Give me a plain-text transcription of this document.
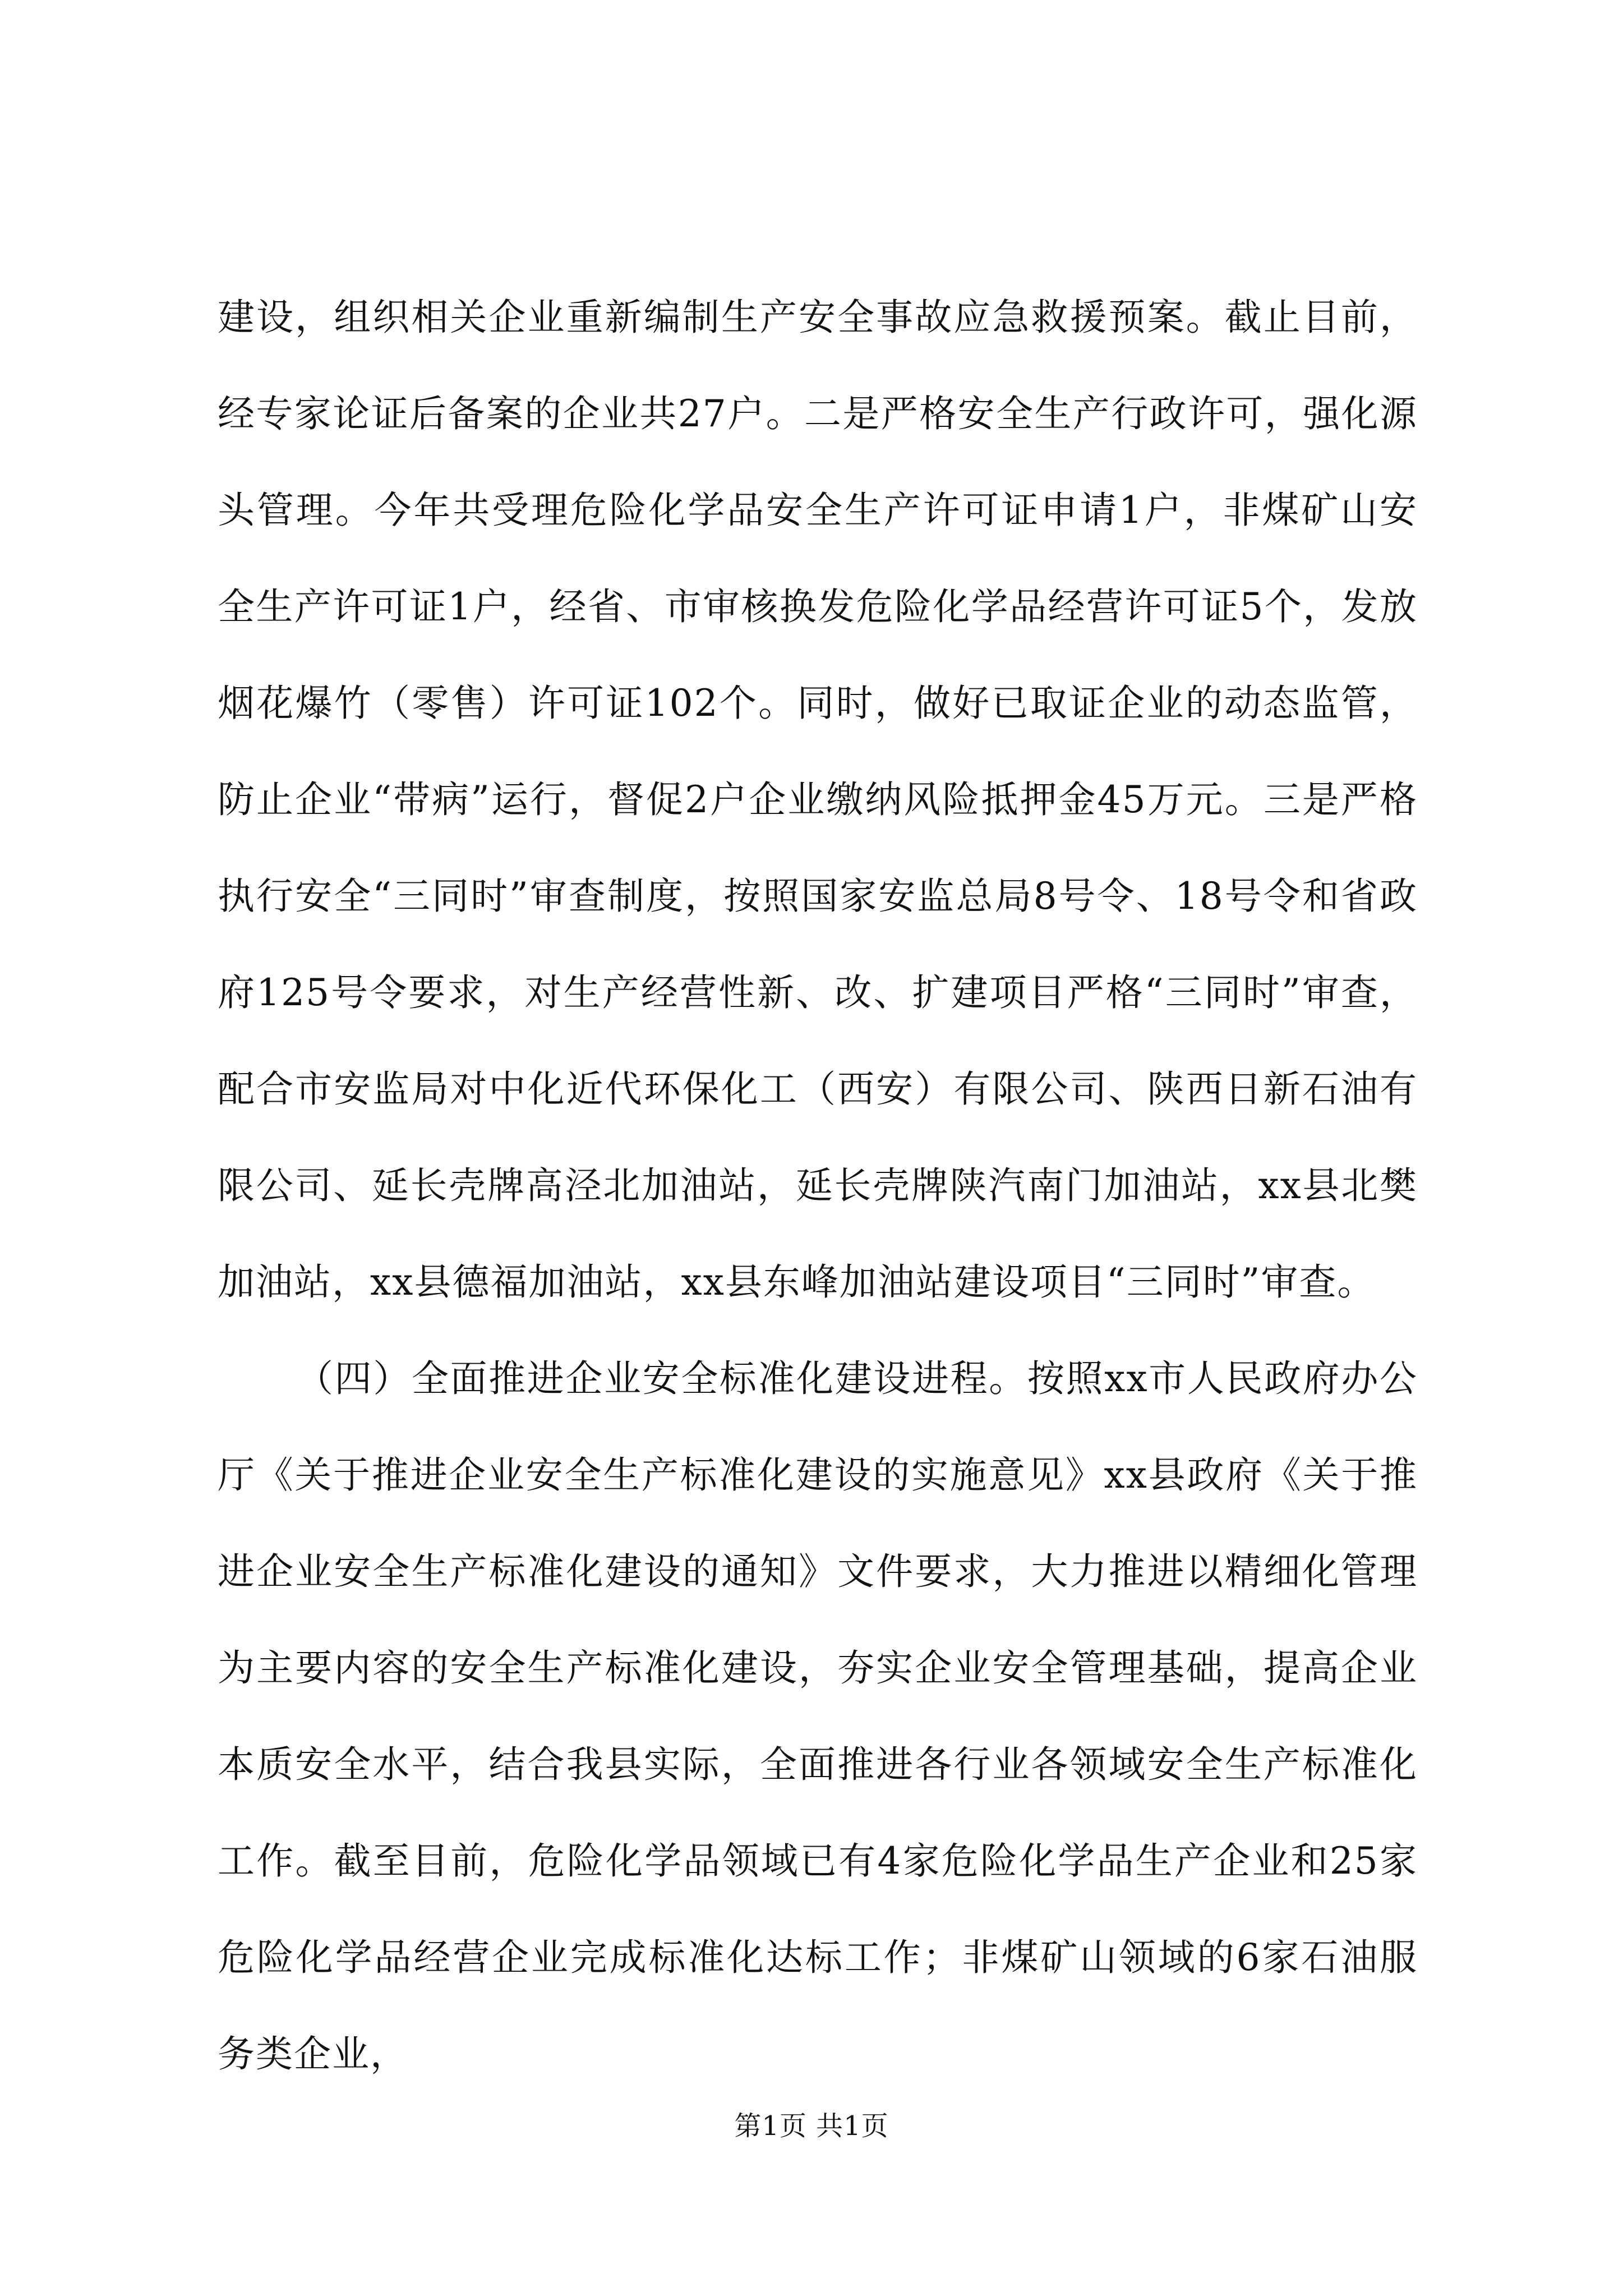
建设，组织相关企业重新编制生产安全事故应急救援预案。截止目前，经专家论证后备案的企业共27户。二是严格安全生产行政许可，强化源头管理。今年共受理危险化学品安全生产许可证申请1户，非煤矿山安全生产许可证1户，经省、市审核换发危险化学品经营许可证5个，发放烟花爆竹（零售）许可证102个。同时，做好已取证企业的动态监管，防止企业“带病”运行，督促2户企业缴纳风险抵押金45万元。三是严格执行安全“三同时”审查制度，按照国家安监总局8号令、18号令和省政府125号令要求，对生产经营性新、改、扩建项目严格“三同时”审查，配合市安监局对中化近代环保化工（西安）有限公司、陕西日新石油有限公司、延长壳牌高泾北加油站，延长壳牌陕汽南门加油站，xx县北樊加油站，xx县德福加油站，xx县东峰加油站建设项目“三同时”审查。

（四）全面推进企业安全标准化建设进程。按照xx市人民政府办公厅《关于推进企业安全生产标准化建设的实施意见》xx县政府《关于推进企业安全生产标准化建设的通知》文件要求，大力推进以精细化管理为主要内容的安全生产标准化建设，夯实企业安全管理基础，提高企业本质安全水平，结合我县实际，全面推进各行业各领域安全生产标准化工作。截至目前，危险化学品领域已有4家危险化学品生产企业和25家危险化学品经营企业完成标准化达标工作；非煤矿山领域的6家石油服务类企业，

第1页 共1页
